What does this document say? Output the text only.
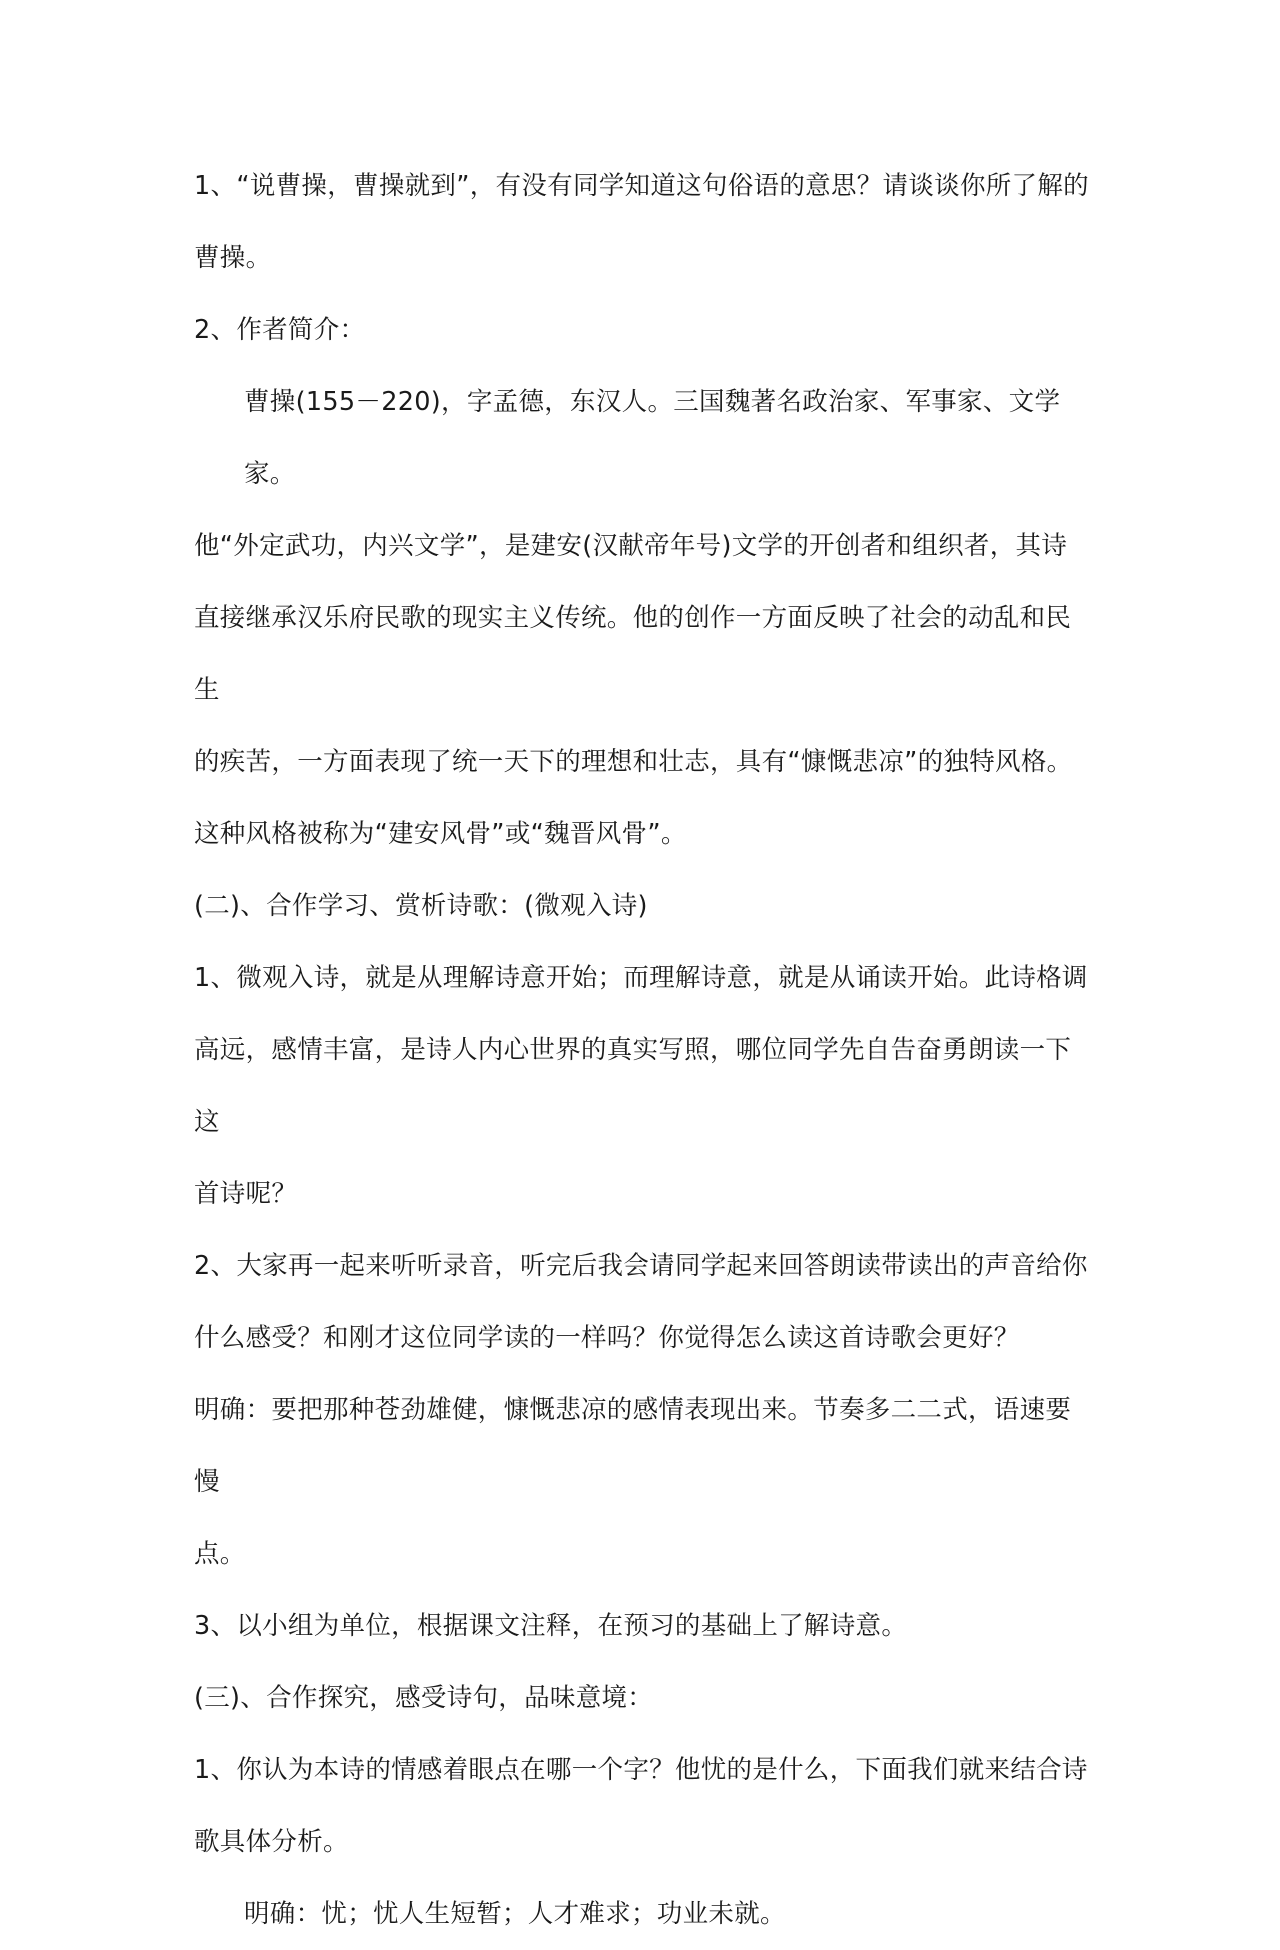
1、“说曹操，曹操就到”，有没有同学知道这句俗语的意思？请谈谈你所了解的
曹操。
2、作者简介：
曹操(155－220)，字孟德，东汉人。三国魏著名政治家、军事家、文学家。
他“外定武功，内兴文学”，是建安(汉献帝年号)文学的开创者和组织者，其诗
直接继承汉乐府民歌的现实主义传统。他的创作一方面反映了社会的动乱和民生
的疾苦，一方面表现了统一天下的理想和壮志，具有“慷慨悲凉”的独特风格。
这种风格被称为“建安风骨”或“魏晋风骨”。
(二)、合作学习、赏析诗歌：(微观入诗)
1、微观入诗，就是从理解诗意开始；而理解诗意，就是从诵读开始。此诗格调
高远，感情丰富，是诗人内心世界的真实写照，哪位同学先自告奋勇朗读一下这
首诗呢？
2、大家再一起来听听录音，听完后我会请同学起来回答朗读带读出的声音给你
什么感受？和刚才这位同学读的一样吗？你觉得怎么读这首诗歌会更好？
明确：要把那种苍劲雄健，慷慨悲凉的感情表现出来。节奏多二二式，语速要慢
点。
3、以小组为单位，根据课文注释，在预习的基础上了解诗意。
(三)、合作探究，感受诗句，品味意境：
1、你认为本诗的情感着眼点在哪一个字？他忧的是什么，下面我们就来结合诗
歌具体分析。
明确：忧；忧人生短暂；人才难求；功业未就。
